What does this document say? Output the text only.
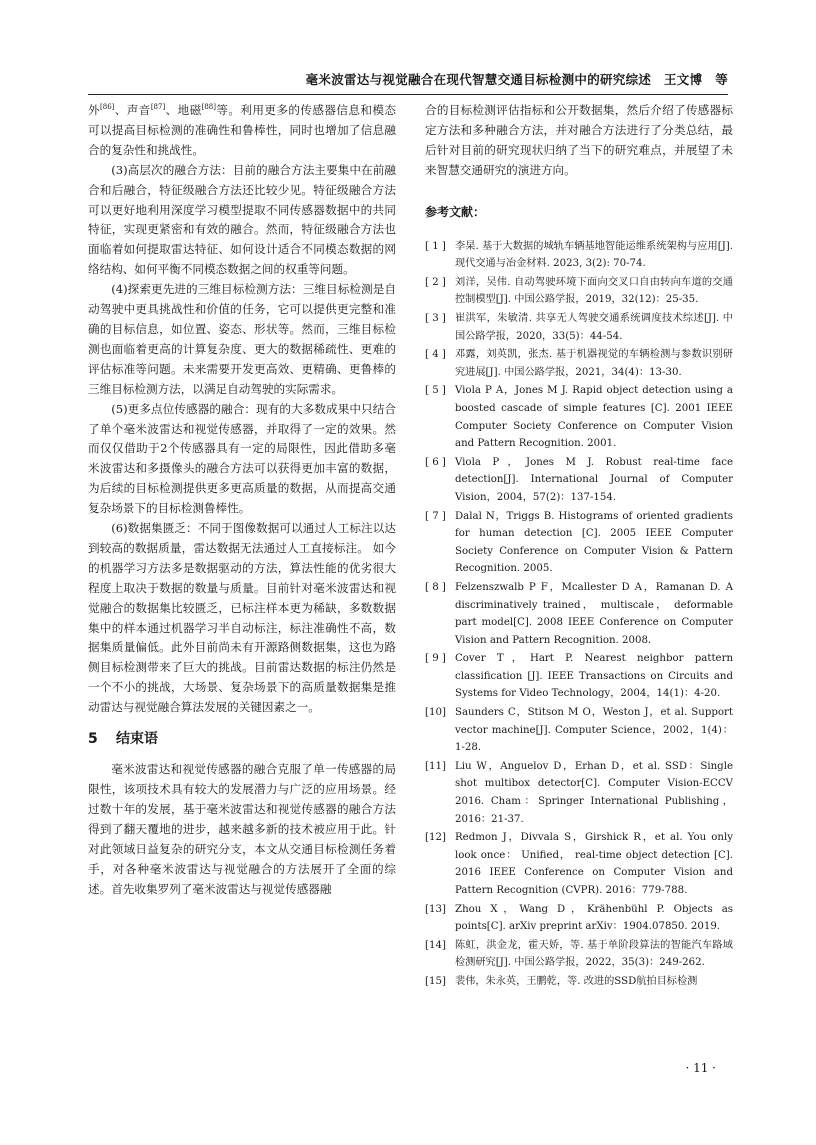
毫米波雷达与视觉融合在现代智慧交通目标检测中的研究综述　王文博　等

外[86]、声音[87]、地磁[88]等。利用更多的传感器信息和模态可以提高目标检测的准确性和鲁棒性，同时也增加了信息融合的复杂性和挑战性。

(3)高层次的融合方法：目前的融合方法主要集中在前融合和后融合，特征级融合方法还比较少见。特征级融合方法可以更好地利用深度学习模型提取不同传感器数据中的共同特征，实现更紧密和有效的融合。然而，特征级融合方法也面临着如何提取雷达特征、如何设计适合不同模态数据的网络结构、如何平衡不同模态数据之间的权重等问题。

(4)探索更先进的三维目标检测方法：三维目标检测是自动驾驶中更具挑战性和价值的任务，它可以提供更完整和准确的目标信息，如位置、姿态、形状等。然而，三维目标检测也面临着更高的计算复杂度、更大的数据稀疏性、更难的评估标准等问题。未来需要开发更高效、更精确、更鲁棒的三维目标检测方法，以满足自动驾驶的实际需求。

(5)更多点位传感器的融合：现有的大多数成果中只结合了单个毫米波雷达和视觉传感器，并取得了一定的效果。然而仅仅借助于2个传感器具有一定的局限性，因此借助多毫米波雷达和多摄像头的融合方法可以获得更加丰富的数据，为后续的目标检测提供更多更高质量的数据，从而提高交通复杂场景下的目标检测鲁棒性。

(6)数据集匮乏：不同于图像数据可以通过人工标注以达到较高的数据质量，雷达数据无法通过人工直接标注。 如今的机器学习方法多是数据驱动的方法，算法性能的优劣很大程度上取决于数据的数量与质量。目前针对毫米波雷达和视觉融合的数据集比较匮乏，已标注样本更为稀缺，多数数据集中的样本通过机器学习半自动标注，标注准确性不高，数据集质量偏低。此外目前尚未有开源路侧数据集，这也为路侧目标检测带来了巨大的挑战。目前雷达数据的标注仍然是一个不小的挑战，大场景、复杂场景下的高质量数据集是推动雷达与视觉融合算法发展的关键因素之一。

5 结束语

毫米波雷达和视觉传感器的融合克服了单一传感器的局限性，该项技术具有较大的发展潜力与广泛的应用场景。经过数十年的发展，基于毫米波雷达和视觉传感器的融合方法得到了翻天覆地的进步，越来越多新的技术被应用于此。针对此领域日益复杂的研究分支，本文从交通目标检测任务着手，对各种毫米波雷达与视觉融合的方法展开了全面的综述。首先收集罗列了毫米波雷达与视觉传感器融

合的目标检测评估指标和公开数据集，然后介绍了传感器标定方法和多种融合方法，并对融合方法进行了分类总结，最后针对目前的研究现状归纳了当下的研究难点，并展望了未来智慧交通研究的演进方向。

参考文献：
[ 1 ] 李杲. 基于大数据的城轨车辆基地智能运维系统架构与应用[J]. 现代交通与冶金材料. 2023, 3(2): 70-74.
[ 2 ] 刘洋，吴伟. 自动驾驶环境下面向交叉口自由转向车道的交通控制模型[J]. 中国公路学报，2019，32(12)：25-35.
[ 3 ] 崔洪军，朱敏清. 共享无人驾驶交通系统调度技术综述[J]. 中国公路学报，2020，33(5)：44-54.
[ 4 ] 邓露，刘英凯，张杰. 基于机器视觉的车辆检测与参数识别研究进展[J]. 中国公路学报，2021，34(4)：13-30.
[ 5 ] Viola P A，Jones M J. Rapid object detection using a boosted cascade of simple features [C]. 2001 IEEE Computer Society Conference on Computer Vision and Pattern Recognition. 2001.
[ 6 ] Viola P，Jones M J. Robust real-time face detection[J]. International Journal of Computer Vision，2004，57(2)：137-154.
[ 7 ] Dalal N，Triggs B. Histograms of oriented gradients for human detection [C]. 2005 IEEE Computer Society Conference on Computer Vision & Pattern Recognition. 2005.
[ 8 ] Felzenszwalb P F，Mcallester D A，Ramanan D. A discriminatively trained， multiscale， deformable part model[C]. 2008 IEEE Conference on Computer Vision and Pattern Recognition. 2008.
[ 9 ] Cover T，Hart P. Nearest neighbor pattern classification [J]. IEEE Transactions on Circuits and Systems for Video Technology，2004，14(1)：4-20.
[10] Saunders C，Stitson M O，Weston J，et al. Support vector machine[J]. Computer Science，2002，1(4)：1-28.
[11] Liu W，Anguelov D，Erhan D，et al. SSD：Single shot multibox detector[C]. Computer Vision-ECCV 2016. Cham：Springer International Publishing，2016：21-37.
[12] Redmon J，Divvala S，Girshick R，et al. You only look once： Unified， real-time object detection [C]. 2016 IEEE Conference on Computer Vision and Pattern Recognition (CVPR). 2016：779-788.
[13] Zhou X，Wang D，Krähenbühl P. Objects as points[C]. arXiv preprint arXiv：1904.07850. 2019.
[14] 陈虹，洪金龙，霍天娇，等. 基于单阶段算法的智能汽车路域检测研究[J]. 中国公路学报，2022，35(3)：249-262.
[15] 裴伟，朱永英，王鹏乾，等. 改进的SSD航拍目标检测
· 11 ·
